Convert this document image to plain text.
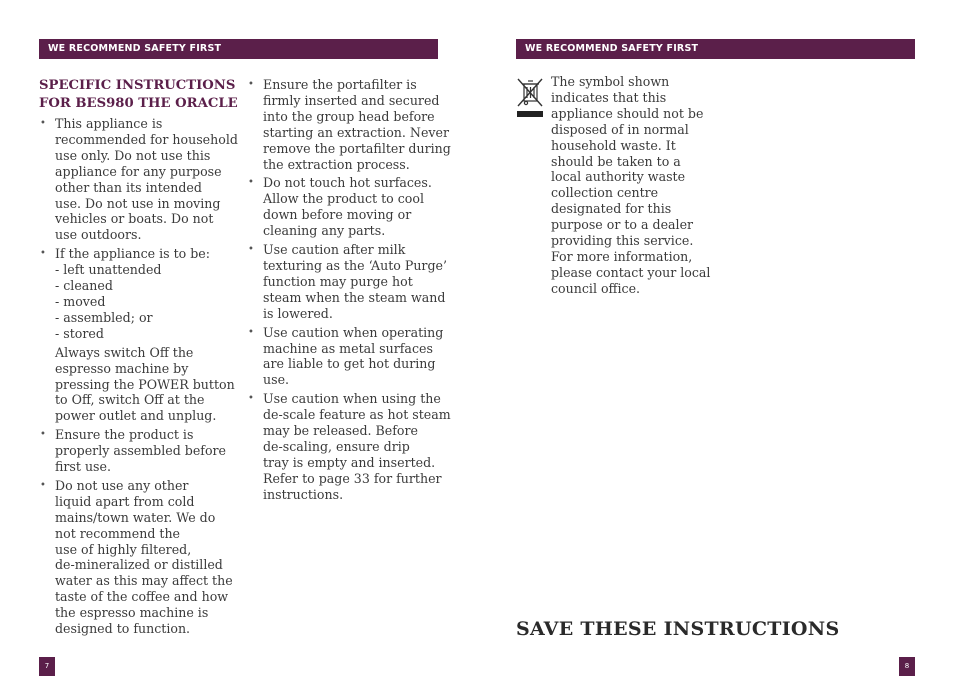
WE RECOMMEND SAFETY FIRST	WE RECOMMEND SAFETY FIRST
SPECIFIC INSTRUCTIONS
FOR BES980 THE ORACLE
• This appliance is
recommended for household
use only. Do not use this
appliance for any purpose
other than its intended
use. Do not use in moving
vehicles or boats. Do not
use outdoors.
• If the appliance is to be:
- left unattended
- cleaned
- moved
- assembled; or
- stored
Always switch Off the
espresso machine by
pressing the POWER button
to Off, switch Off at the
power outlet and unplug.
• Ensure the product is
properly assembled before
first use.
• Do not use any other
liquid apart from cold
mains/town water. We do
not recommend the
use of highly filtered,
de-mineralized or distilled
water as this may affect the
taste of the coffee and how
the espresso machine is
designed to function.
• Ensure the portafilter is
firmly inserted and secured
into the group head before
starting an extraction. Never
remove the portafilter during
the extraction process.
• Do not touch hot surfaces.
Allow the product to cool
down before moving or
cleaning any parts.
• Use caution after milk
texturing as the ‘Auto Purge’
function may purge hot
steam when the steam wand
is lowered.
• Use caution when operating
machine as metal surfaces
are liable to get hot during
use.
• Use caution when using the
de-scale feature as hot steam
may be released. Before
de-scaling, ensure drip
tray is empty and inserted.
Refer to page 33 for further
instructions.
The symbol shown
indicates that this
appliance should not be
disposed of in normal
household waste. It
should be taken to a
local authority waste
collection centre
designated for this
purpose or to a dealer
providing this service.
For more information,
please contact your local
council office.
SAVE THESE INSTRUCTIONS
7	8
